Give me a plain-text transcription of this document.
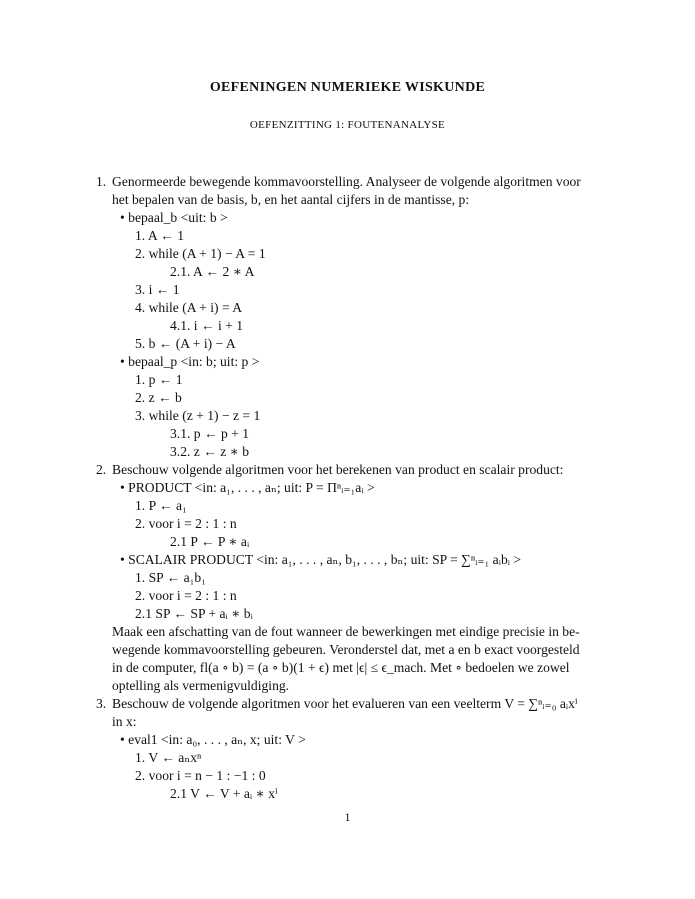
OEFENINGEN NUMERIEKE WISKUNDE
OEFENZITTING 1: FOUTENANALYSE
1. Genormeerde bewegende kommavoorstelling. Analyseer de volgende algoritmen voor
het bepalen van de basis, b, en het aantal cijfers in de mantisse, p:
• bepaal_b <uit: b >
1. A ← 1
2. while (A + 1) − A = 1
2.1. A ← 2 ∗ A
3. i ← 1
4. while (A + i) = A
4.1. i ← i + 1
5. b ← (A + i) − A
• bepaal_p <in: b; uit: p >
1. p ← 1
2. z ← b
3. while (z + 1) − z = 1
3.1. p ← p + 1
3.2. z ← z ∗ b
2. Beschouw volgende algoritmen voor het berekenen van product en scalair product:
• PRODUCT <in: a₁, . . . , aₙ; uit: P = Πⁿᵢ₌₁aᵢ >
1. P ← a₁
2. voor i = 2 : 1 : n
2.1 P ← P ∗ aᵢ
• SCALAIR PRODUCT <in: a₁, . . . , aₙ, b₁, . . . , bₙ; uit: SP = ∑ⁿᵢ₌₁ aᵢbᵢ >
1. SP ← a₁b₁
2. voor i = 2 : 1 : n
2.1 SP ← SP + aᵢ ∗ bᵢ
Maak een afschatting van de fout wanneer de bewerkingen met eindige precisie in be-
wegende kommavoorstelling gebeuren. Veronderstel dat, met a en b exact voorgesteld
in de computer, fl(a ∘ b) = (a ∘ b)(1 + ϵ) met |ϵ| ≤ ϵ_mach. Met ∘ bedoelen we zowel
optelling als vermenigvuldiging.
3. Beschouw de volgende algoritmen voor het evalueren van een veelterm V = ∑ⁿᵢ₌₀ aᵢxⁱ
in x:
• eval1 <in: a₀, . . . , aₙ, x; uit: V >
1. V ← aₙxⁿ
2. voor i = n − 1 : −1 : 0
2.1 V ← V + aᵢ ∗ xⁱ
1
